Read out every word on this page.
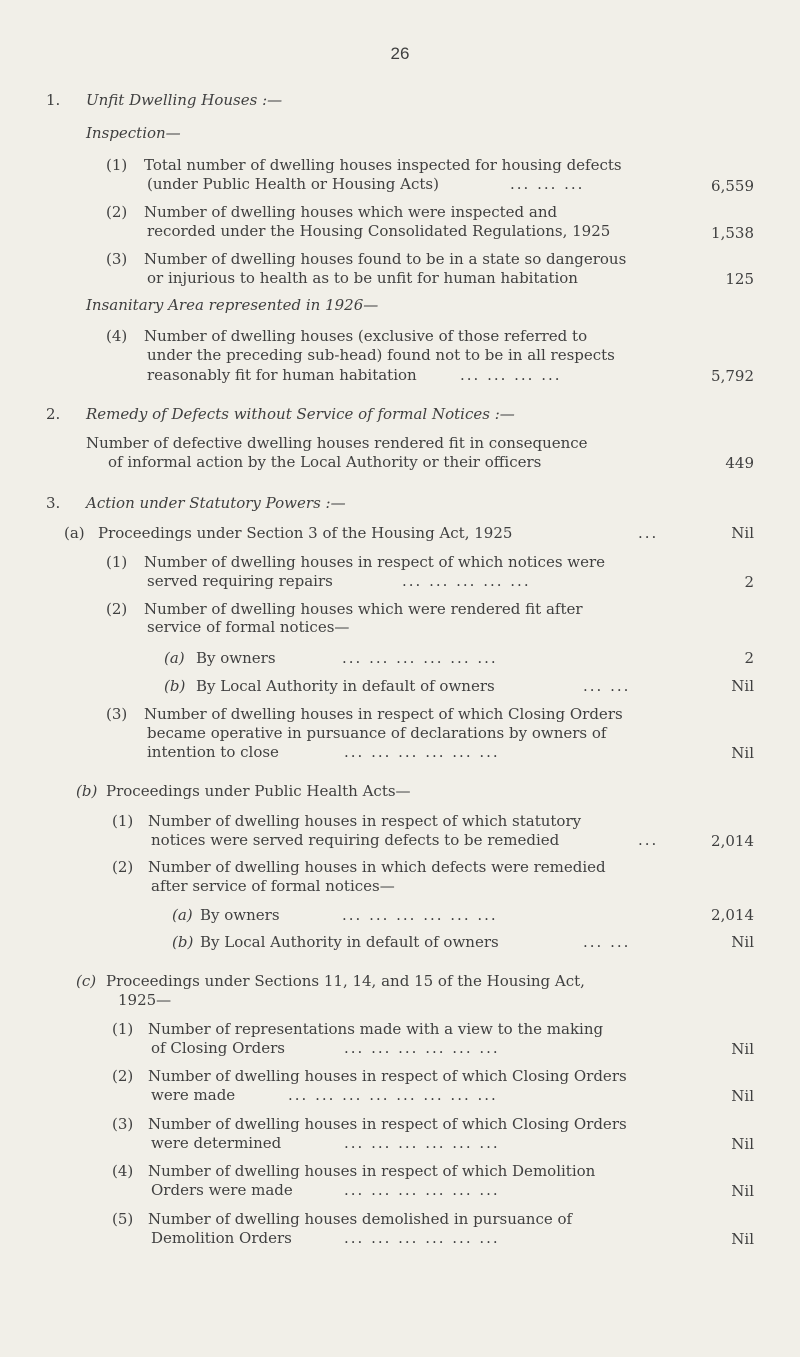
26
1. Unfit Dwelling Houses :—
Inspection—
(1) Total number of dwelling houses inspected for housing defects
(under Public Health or Housing Acts)	... ... ...	6,559
(2) Number of dwelling houses which were inspected and
recorded under the Housing Consolidated Regulations, 1925	1,538
(3) Number of dwelling houses found to be in a state so dangerous
or injurious to health as to be unfit for human habitation	125
Insanitary Area represented in 1926—
(4) Number of dwelling houses (exclusive of those referred to
under the preceding sub-head) found not to be in all respects
reasonably fit for human habitation	... ... ... ...	5,792
2. Remedy of Defects without Service of formal Notices :—
Number of defective dwelling houses rendered fit in consequence
of informal action by the Local Authority or their officers	449
3. Action under Statutory Powers :—
(a) Proceedings under Section 3 of the Housing Act, 1925	...	Nil
(1) Number of dwelling houses in respect of which notices were
served requiring repairs	... ... ... ... ...	2
(2) Number of dwelling houses which were rendered fit after
service of formal notices—
(a) By owners	... ... ... ... ... ...	2
(b) By Local Authority in default of owners	... ...	Nil
(3) Number of dwelling houses in respect of which Closing Orders
became operative in pursuance of declarations by owners of
intention to close	... ... ... ... ... ...	Nil
(b) Proceedings under Public Health Acts—
(1) Number of dwelling houses in respect of which statutory
notices were served requiring defects to be remedied	...	2,014
(2) Number of dwelling houses in which defects were remedied
after service of formal notices—
(a) By owners	... ... ... ... ... ...	2,014
(b) By Local Authority in default of owners	... ...	Nil
(c) Proceedings under Sections 11, 14, and 15 of the Housing Act,
1925—
(1) Number of representations made with a view to the making
of Closing Orders	... ... ... ... ... ...	Nil
(2) Number of dwelling houses in respect of which Closing Orders
were made	... ... ... ... ... ... ... ...	Nil
(3) Number of dwelling houses in respect of which Closing Orders
were determined	... ... ... ... ... ...	Nil
(4) Number of dwelling houses in respect of which Demolition
Orders were made	... ... ... ... ... ...	Nil
(5) Number of dwelling houses demolished in pursuance of
Demolition Orders	... ... ... ... ... ...	Nil
